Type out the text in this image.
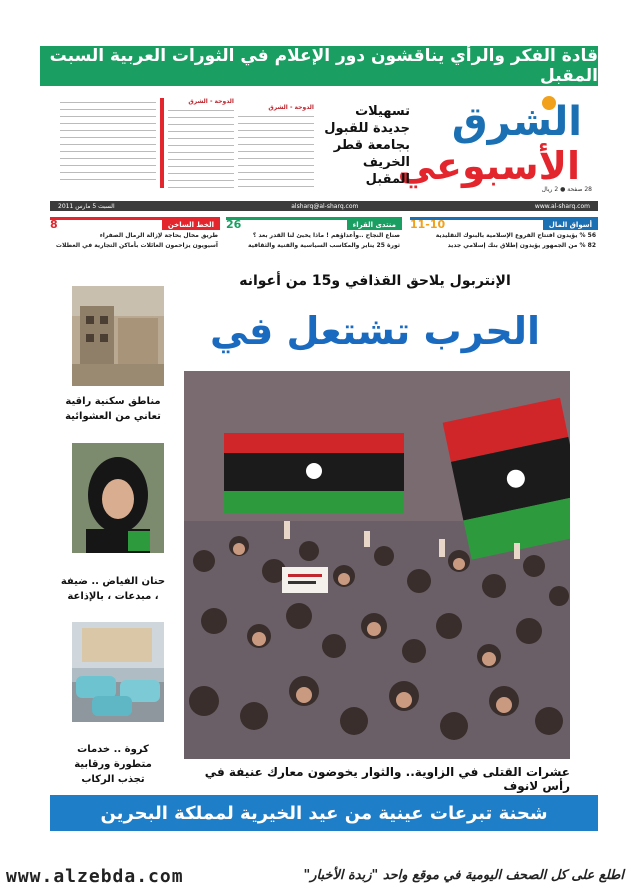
قادة الفكر والرأي يناقشون دور الإعلام في الثورات العربية السبت المقبل
الشرق
الأسبوعي
28 صفحة ● 2 ريال
تسهيلات جديدة للقبول بجامعة قطر الخريف المقبل
الدوحة - الشرق
الدوحة - الشرق
السبت 5 مارس 2011	alsharq@al-sharq.com	www.al-sharq.com
أسواق المال
11-10
56 % يؤيدون افتتاح الفروع الإسلامية بالبنوك التقليدية
82 % من الجمهور يؤيدون إطلاق بنك إسلامي جديد
منتدى القراء
26
صناع النجاح ..وأعداؤهم ! ماذا يخبئ لنا القدر بعد ؟
ثورة 25 يناير والمكاسب السياسية والفنية والثقافية
الخط الساخن
8
طريق مخال بحاجة لإزالة الرمال الصفراء
آسيويون يزاحمون العائلات بأماكن التجارية في العطلات
الإنتربول يلاحق القذافي و15 من أعوانه
الحرب تشتعل في
عشرات القتلى في الزاوية.. والثوار يخوضون معارك عنيفة في رأس لانوف
شحنة تبرعات عينية من عيد الخيرية لمملكة البحرين
مناطق سكنية راقية تعاني من العشوائية
حنان الفياض .. ضيفة ، مبدعات ، بالإذاعة
كروة .. خدمات متطورة ورقابية تجذب الركاب
www.alzebda.com	اطلع على كل الصحف اليومية في موقع واحد "زبدة الأخبار"
